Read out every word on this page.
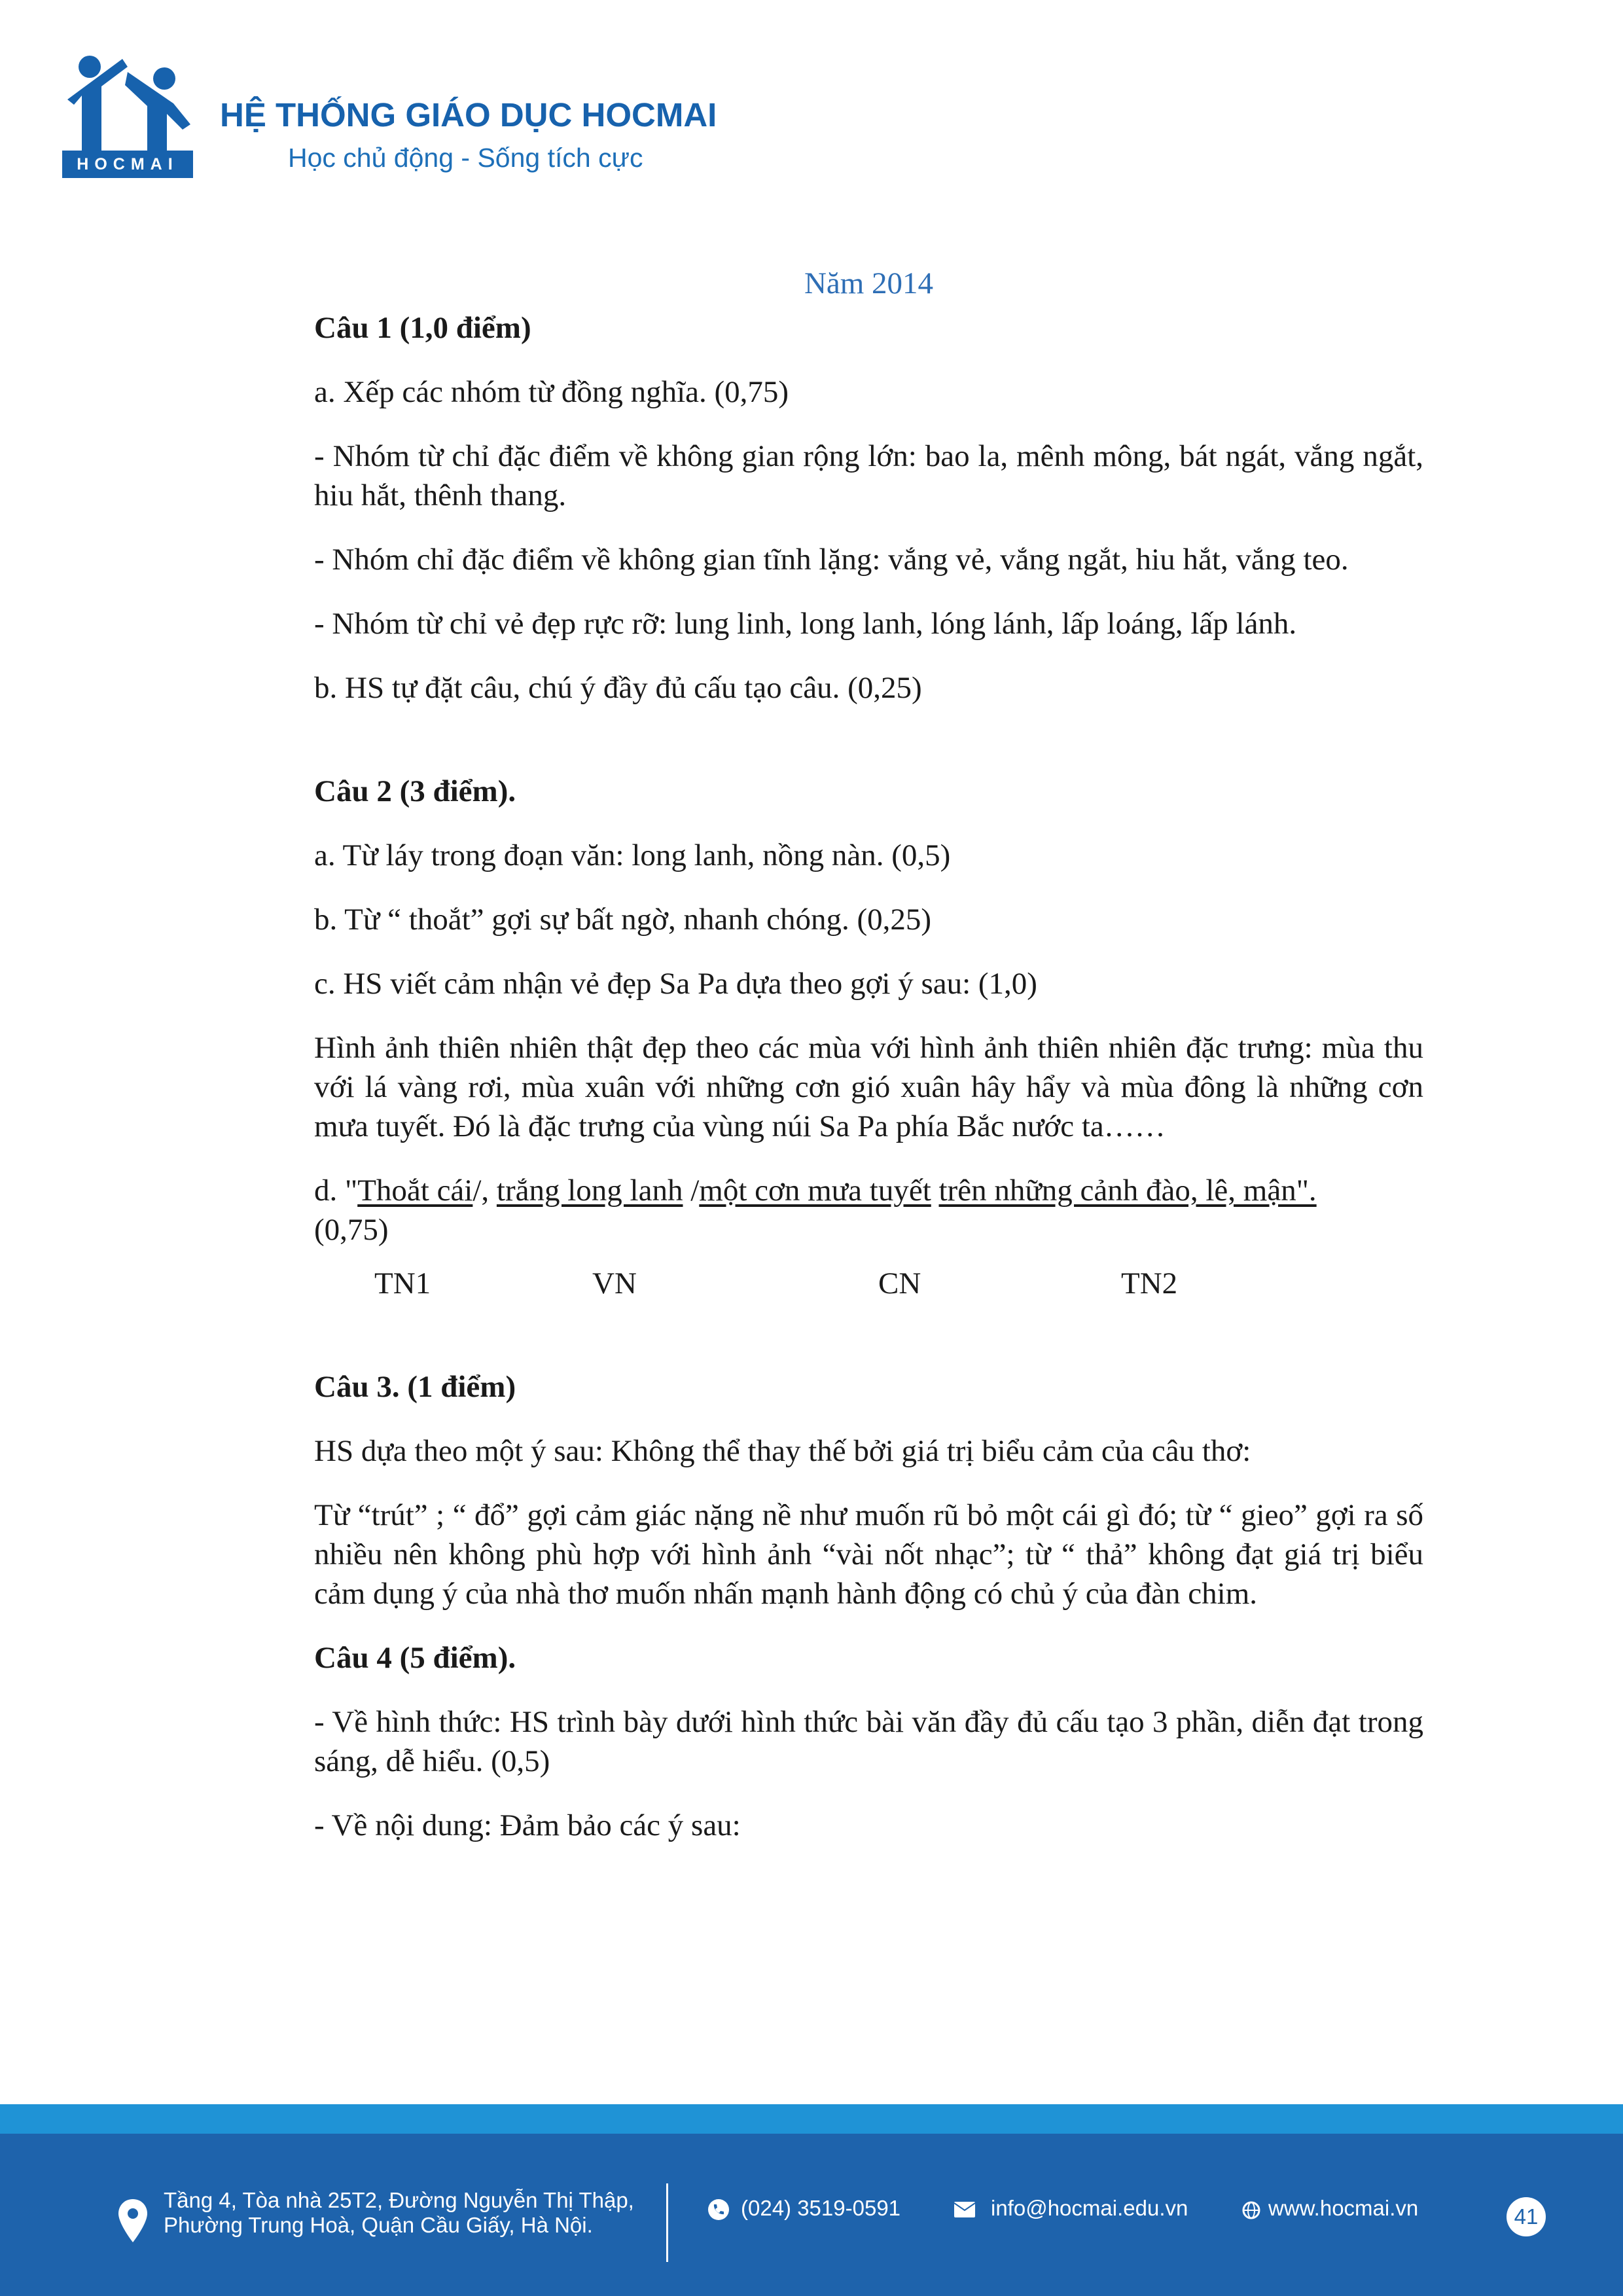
HOCMAI
HỆ THỐNG GIÁO DỤC HOCMAI
Học chủ động - Sống tích cực
Năm 2014
Câu 1 (1,0 điểm)
a. Xếp các nhóm từ đồng nghĩa. (0,75)
- Nhóm từ chỉ đặc điểm về không gian rộng lớn: bao la, mênh mông, bát ngát, vắng ngắt, hiu hắt, thênh thang.
- Nhóm chỉ đặc điểm về không gian tĩnh lặng: vắng vẻ, vắng ngắt, hiu hắt, vắng teo.
- Nhóm từ chỉ vẻ đẹp rực rỡ: lung linh, long lanh, lóng lánh, lấp loáng, lấp lánh.
b. HS tự đặt câu, chú ý đầy đủ cấu tạo câu. (0,25)
Câu 2 (3 điểm).
a. Từ láy trong đoạn văn: long lanh, nồng nàn. (0,5)
b. Từ “ thoắt” gợi sự bất ngờ, nhanh chóng. (0,25)
c. HS viết cảm nhận vẻ đẹp Sa Pa dựa theo gợi ý sau: (1,0)
Hình ảnh thiên nhiên thật đẹp theo các mùa với hình ảnh thiên nhiên đặc trưng: mùa thu với lá vàng rơi, mùa xuân với những cơn gió xuân hây hẩy và mùa đông là những cơn mưa tuyết. Đó là đặc trưng của vùng núi Sa Pa phía Bắc nước ta……
d. "Thoắt cái/, trắng long lanh /một cơn mưa tuyết trên những cảnh đào, lê, mận".
(0,75)
TN1	VN	CN	TN2
Câu 3. (1 điểm)
HS dựa theo một ý sau: Không thể thay thế bởi giá trị biểu cảm của câu thơ:
Từ “trút” ; “ đổ” gợi cảm giác nặng nề như muốn rũ bỏ một cái gì đó; từ “ gieo” gợi ra số nhiều nên không phù hợp với hình ảnh “vài nốt nhạc”; từ “ thả” không đạt giá trị biểu cảm dụng ý của nhà thơ muốn nhấn mạnh hành động có chủ ý của đàn chim.
Câu 4 (5 điểm).
- Về hình thức: HS trình bày dưới hình thức bài văn đầy đủ cấu tạo 3 phần, diễn đạt trong sáng, dễ hiểu. (0,5)
- Về nội dung: Đảm bảo các ý sau:
Tầng 4, Tòa nhà 25T2, Đường Nguyễn Thị Thập,
Phường Trung Hoà, Quận Cầu Giấy, Hà Nội.
(024) 3519-0591	info@hocmai.edu.vn	www.hocmai.vn	41
